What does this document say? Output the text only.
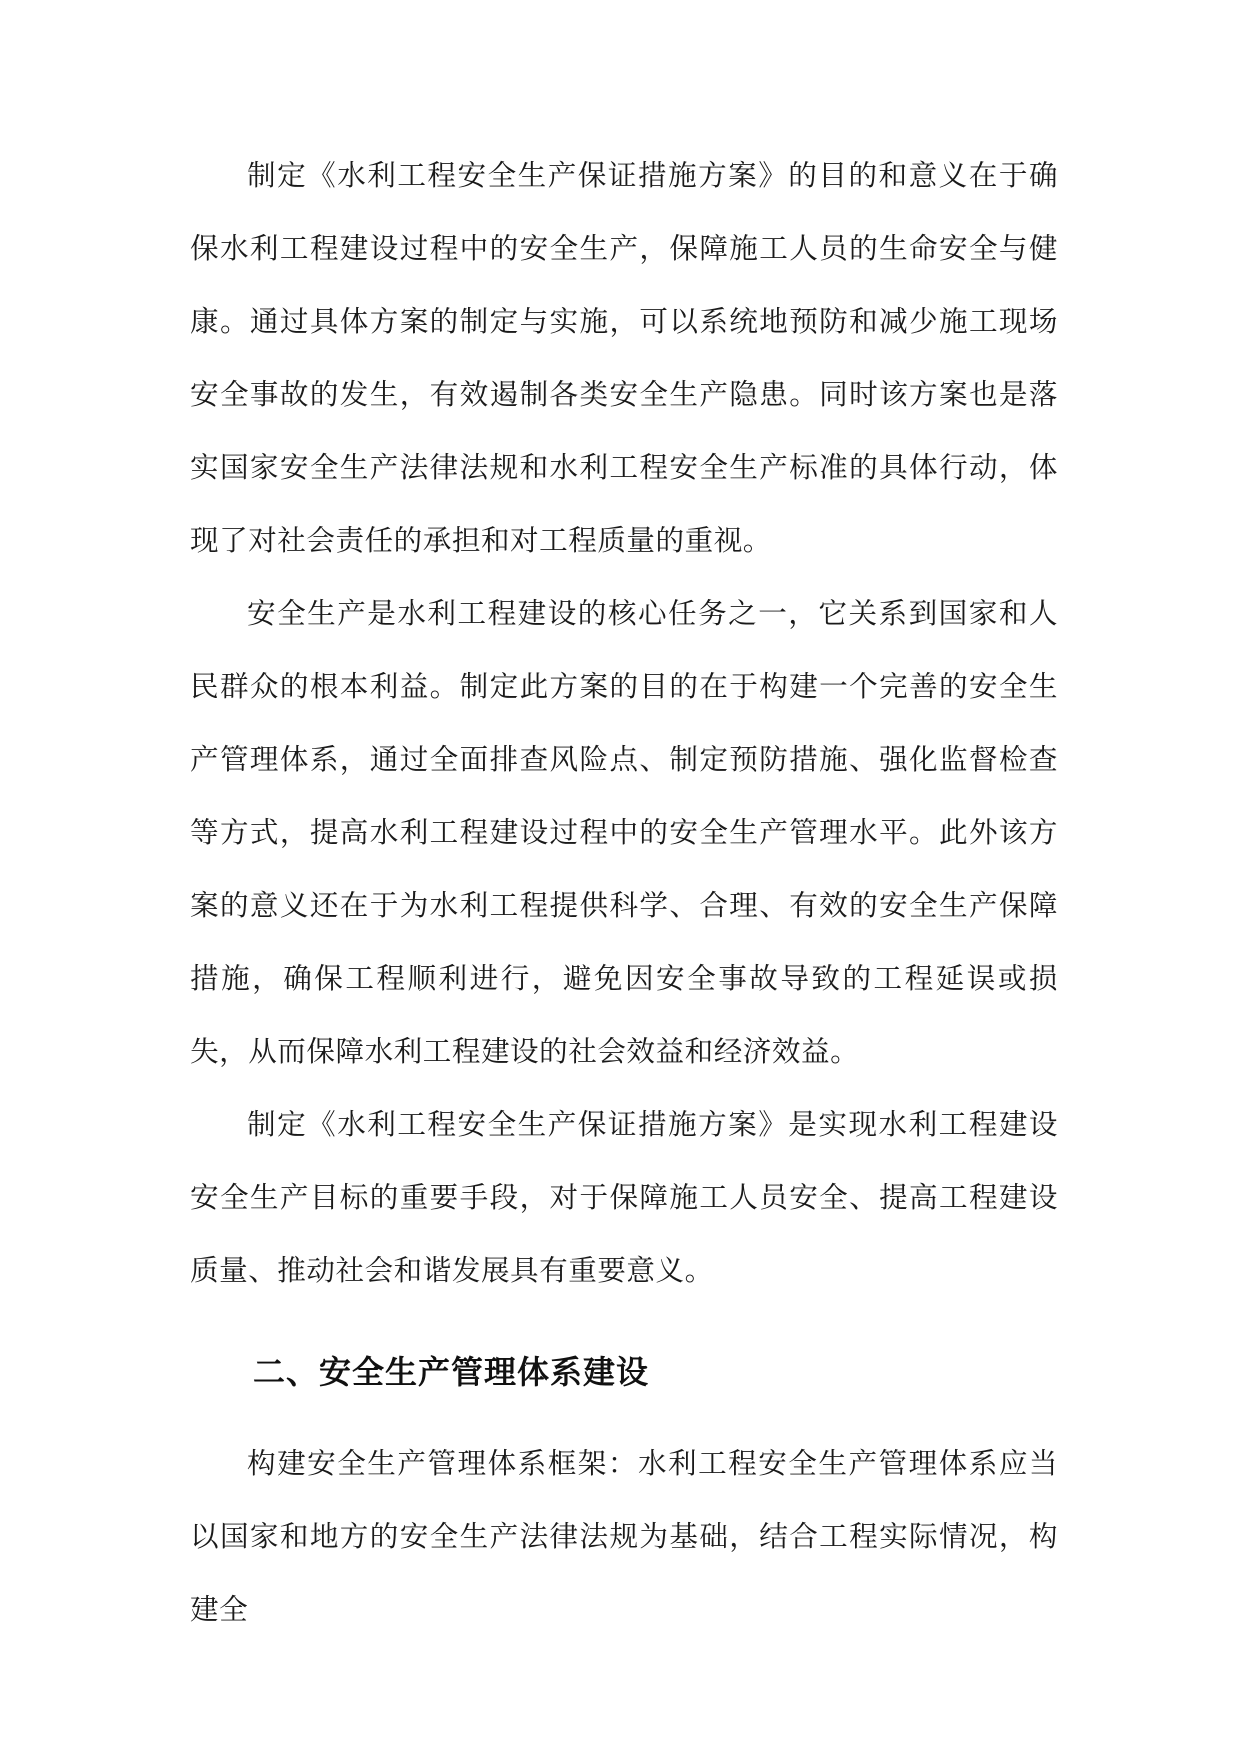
制定《水利工程安全生产保证措施方案》的目的和意义在于确保水利工程建设过程中的安全生产，保障施工人员的生命安全与健康。通过具体方案的制定与实施，可以系统地预防和减少施工现场安全事故的发生，有效遏制各类安全生产隐患。同时该方案也是落实国家安全生产法律法规和水利工程安全生产标准的具体行动，体现了对社会责任的承担和对工程质量的重视。

安全生产是水利工程建设的核心任务之一，它关系到国家和人民群众的根本利益。制定此方案的目的在于构建一个完善的安全生产管理体系，通过全面排查风险点、制定预防措施、强化监督检查等方式，提高水利工程建设过程中的安全生产管理水平。此外该方案的意义还在于为水利工程提供科学、合理、有效的安全生产保障措施，确保工程顺利进行，避免因安全事故导致的工程延误或损失，从而保障水利工程建设的社会效益和经济效益。

制定《水利工程安全生产保证措施方案》是实现水利工程建设安全生产目标的重要手段，对于保障施工人员安全、提高工程建设质量、推动社会和谐发展具有重要意义。

二、安全生产管理体系建设

构建安全生产管理体系框架：水利工程安全生产管理体系应当以国家和地方的安全生产法律法规为基础，结合工程实际情况，构建全
